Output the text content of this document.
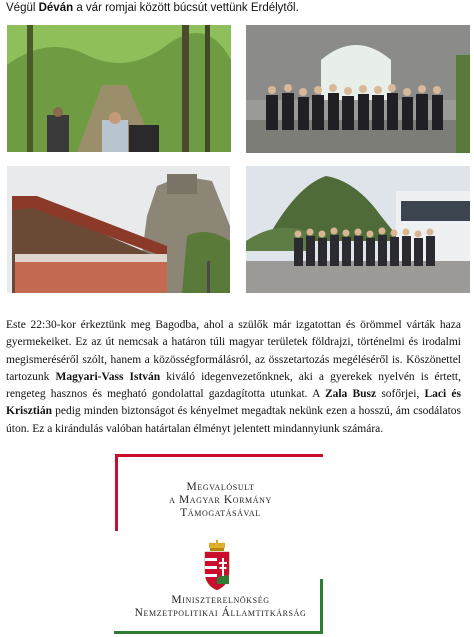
Végül Déván a vár romjai között búcsút vettünk Erdélytől.

Este 22:30-kor érkeztünk meg Bagodba, ahol a szülők már izgatottan és örömmel várták haza gyermekeiket. Ez az út nemcsak a határon túli magyar területek földrajzi, történelmi és irodalmi megismeréséről szólt, hanem a közösségformálásról, az összetartozás megéléséről is. Köszönettel tartozunk Magyari-Vass István kiváló idegenvezetőnknek, aki a gyerekek nyelvén is értett, rengeteg hasznos és megható gondolattal gazdagította utunkat. A Zala Busz sofőrjei, Laci és Krisztián pedig minden biztonságot és kényelmet megadtak nekünk ezen a hosszú, ám csodálatos úton. Ez a kirándulás valóban határtalan élményt jelentett mindannyiunk számára.

Megvalósult
a Magyar Kormány
Támogatásával
Miniszterelnökség
Nemzetpolitikai Államtitkárság
